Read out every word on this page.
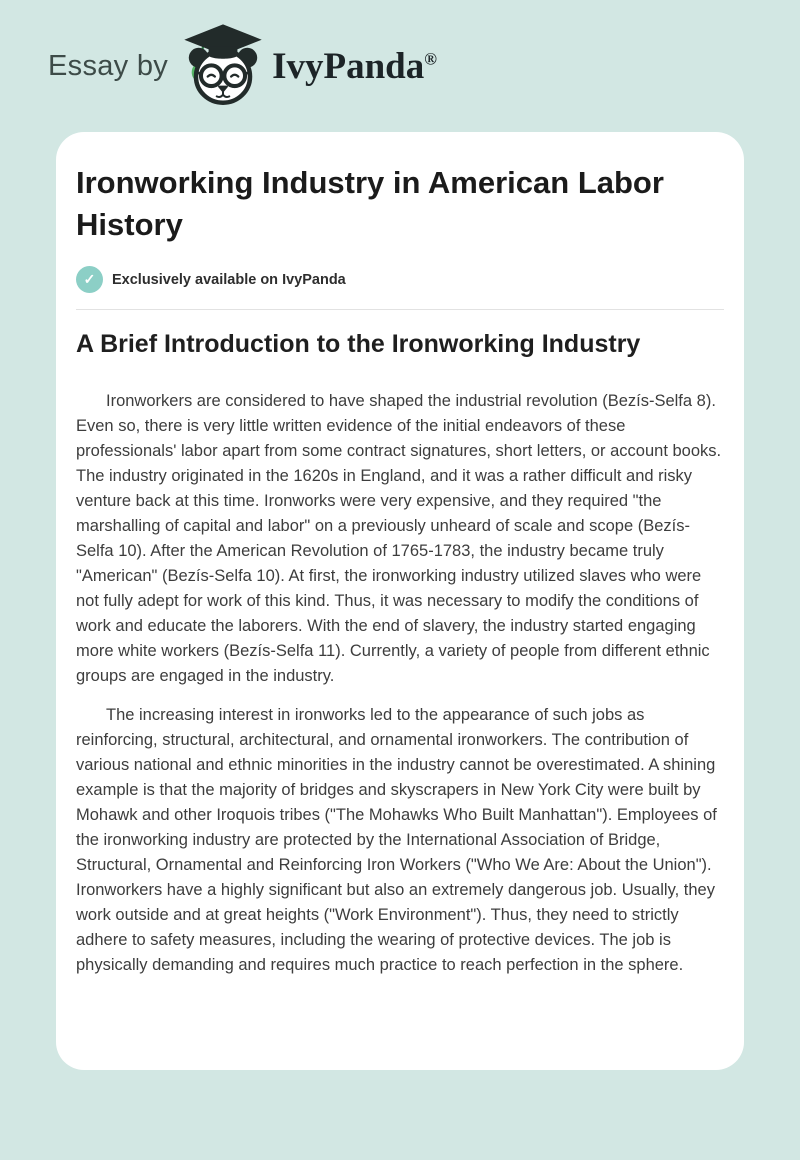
Essay by	IvyPanda®
Ironworking Industry in American Labor History
✓	Exclusively available on IvyPanda
A Brief Introduction to the Ironworking Industry

Ironworkers are considered to have shaped the industrial revolution (Bezís-Selfa 8). Even so, there is very little written evidence of the initial endeavors of these professionals' labor apart from some contract signatures, short letters, or account books. The industry originated in the 1620s in England, and it was a rather difficult and risky venture back at this time. Ironworks were very expensive, and they required "the marshalling of capital and labor" on a previously unheard of scale and scope (Bezís-Selfa 10). After the American Revolution of 1765-1783, the industry became truly "American" (Bezís-Selfa 10). At first, the ironworking industry utilized slaves who were not fully adept for work of this kind. Thus, it was necessary to modify the conditions of work and educate the laborers. With the end of slavery, the industry started engaging more white workers (Bezís-Selfa 11). Currently, a variety of people from different ethnic groups are engaged in the industry.

The increasing interest in ironworks led to the appearance of such jobs as reinforcing, structural, architectural, and ornamental ironworkers. The contribution of various national and ethnic minorities in the industry cannot be overestimated. A shining example is that the majority of bridges and skyscrapers in New York City were built by Mohawk and other Iroquois tribes ("The Mohawks Who Built Manhattan"). Employees of the ironworking industry are protected by the International Association of Bridge, Structural, Ornamental and Reinforcing Iron Workers ("Who We Are: About the Union"). Ironworkers have a highly significant but also an extremely dangerous job. Usually, they work outside and at great heights ("Work Environment"). Thus, they need to strictly adhere to safety measures, including the wearing of protective devices. The job is physically demanding and requires much practice to reach perfection in the sphere.
